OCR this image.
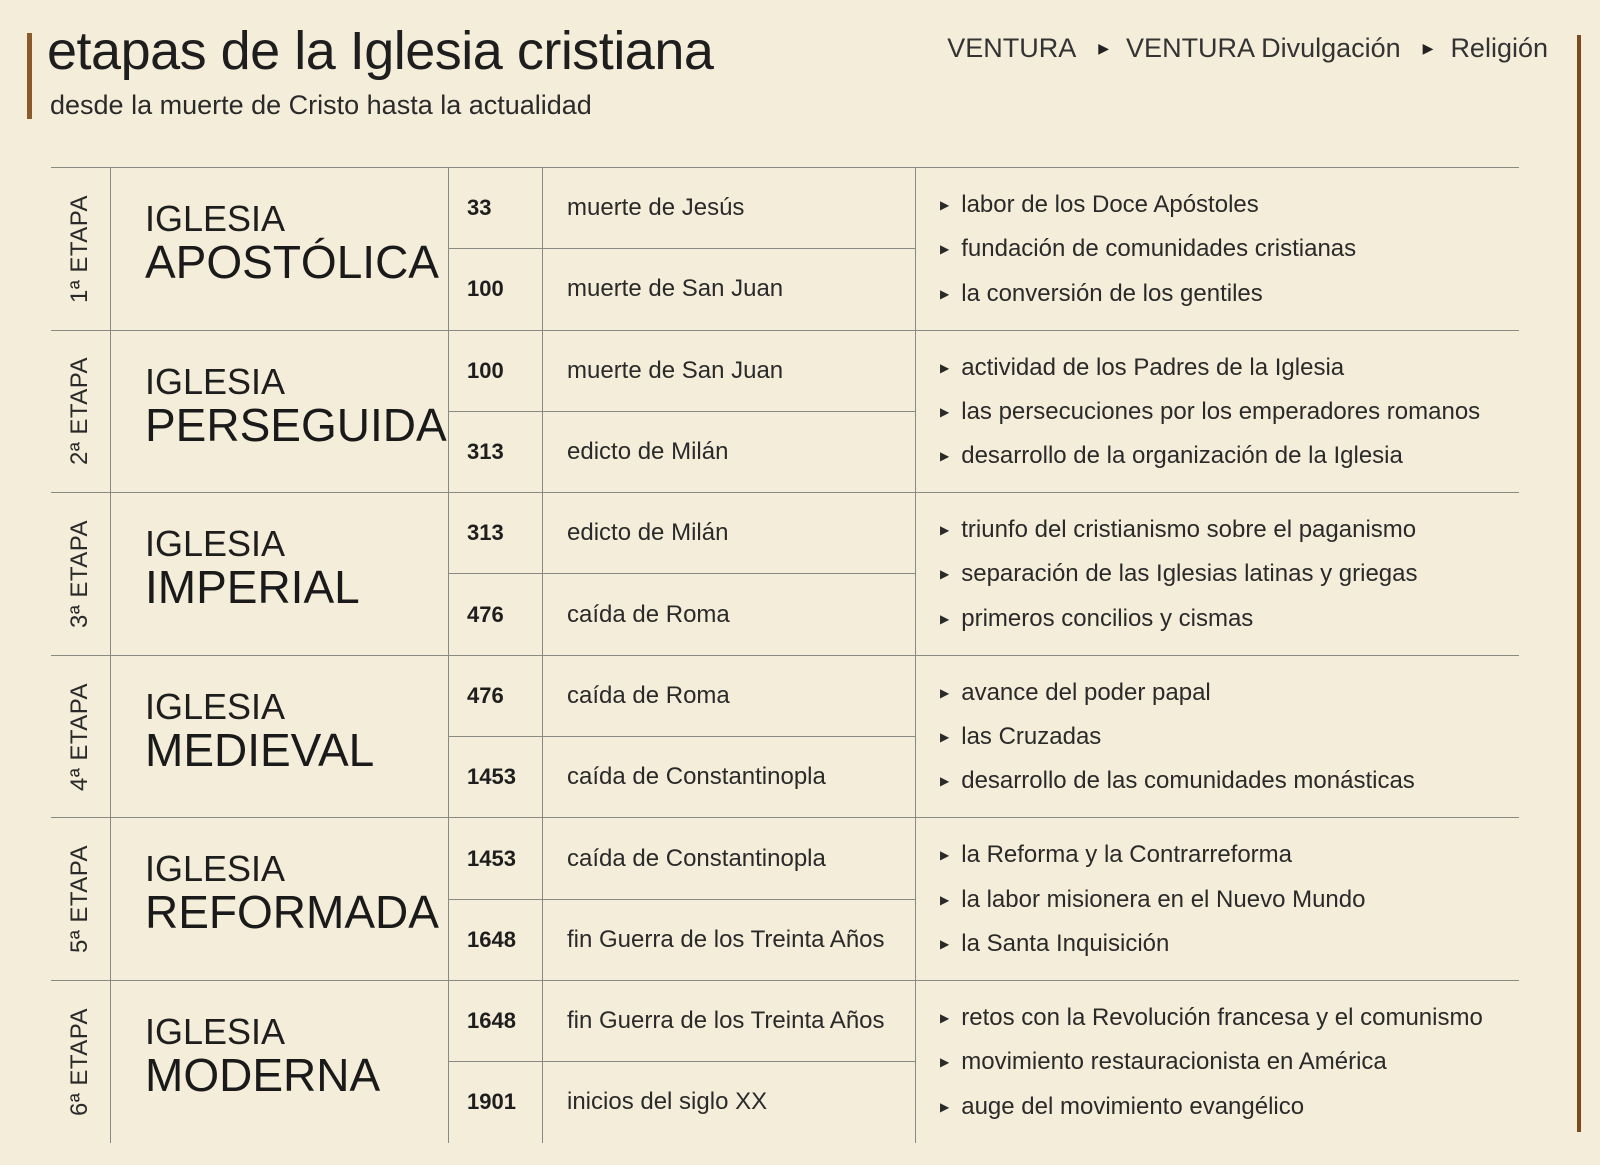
etapas de la Iglesia cristiana
desde la muerte de Cristo hasta la actualidad
VENTURA ▶ VENTURA Divulgación ▶ Religión
1ª ETAPA IGLESIA
APOSTÓLICA
33	muerte de Jesús
100	muerte de San Juan
▶ labor de los Doce Apóstoles
▶ fundación de comunidades cristianas
▶ la conversión de los gentiles
2ª ETAPA IGLESIA
PERSEGUIDA
100	muerte de San Juan
313	edicto de Milán
▶ actividad de los Padres de la Iglesia
▶ las persecuciones por los emperadores romanos
▶ desarrollo de la organización de la Iglesia
3ª ETAPA IGLESIA
IMPERIAL
313	edicto de Milán
476	caída de Roma
▶ triunfo del cristianismo sobre el paganismo
▶ separación de las Iglesias latinas y griegas
▶ primeros concilios y cismas
4ª ETAPA IGLESIA
MEDIEVAL
476	caída de Roma
1453	caída de Constantinopla
▶ avance del poder papal
▶ las Cruzadas
▶ desarrollo de las comunidades monásticas
5ª ETAPA IGLESIA
REFORMADA
1453	caída de Constantinopla
1648	fin Guerra de los Treinta Años
▶ la Reforma y la Contrarreforma
▶ la labor misionera en el Nuevo Mundo
▶ la Santa Inquisición
6ª ETAPA IGLESIA
MODERNA
1648	fin Guerra de los Treinta Años
1901	inicios del siglo XX
▶ retos con la Revolución francesa y el comunismo
▶ movimiento restauracionista en América
▶ auge del movimiento evangélico
